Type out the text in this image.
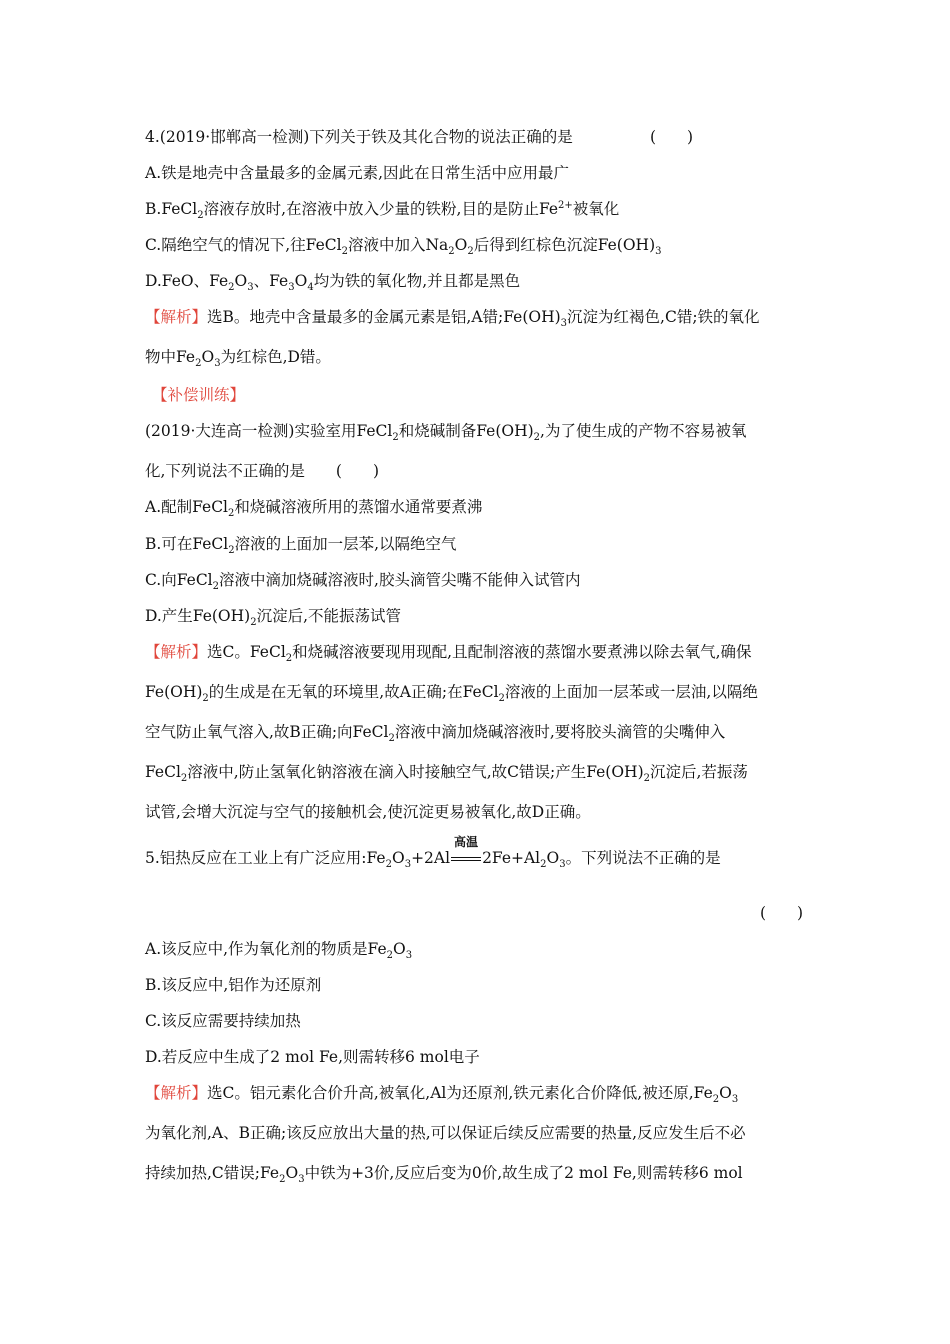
4.(2019·邯郸高一检测)下列关于铁及其化合物的说法正确的是	(　　)
A.铁是地壳中含量最多的金属元素,因此在日常生活中应用最广
B.FeCl$_2$溶液存放时,在溶液中放入少量的铁粉,目的是防止$Fe^{2+}$被氧化
C.隔绝空气的情况下,往FeCl$_2$溶液中加入$Na_2O_2$后得到红棕色沉淀$Fe(OH)_3$
D.FeO、$Fe_2O_3$、$Fe_3O_4$均为铁的氧化物,并且都是黑色
【解析】选B。地壳中含量最多的金属元素是铝,A错$;Fe(OH)_3$沉淀为红褐色,C错;铁的氧化
物中$Fe_2O_3$为红棕色,D错。
【补偿训练】
(2019·大连高一检测)实验室用FeCl$_2$和烧碱制备$Fe(OH)_2$,为了使生成的产物不容易被氧
化,下列说法不正确的是　　(　　)
A.配制FeCl$_2$和烧碱溶液所用的蒸馏水通常要煮沸
B.可在FeCl$_2$溶液的上面加一层苯,以隔绝空气
C.向FeCl$_2$溶液中滴加烧碱溶液时,胶头滴管尖嘴不能伸入试管内
D.产生$Fe(OH)_2$沉淀后,不能振荡试管
【解析】选C。FeCl$_2$和烧碱溶液要现用现配,且配制溶液的蒸馏水要煮沸以除去氧气,确保
$Fe(OH)_2$的生成是在无氧的环境里,故A正确;在FeCl$_2$溶液的上面加一层苯或一层油,以隔绝
空气防止氧气溶入,故B正确;向FeCl$_2$溶液中滴加烧碱溶液时,要将胶头滴管的尖嘴伸入
FeCl$_2$溶液中,防止氢氧化钠溶液在滴入时接触空气,故C错误;产生$Fe(OH)_2$沉淀后,若振荡
试管,会增大沉淀与空气的接触机会,使沉淀更易被氧化,故D正确。
5.铝热反应在工业上有广泛应用$:Fe_2O_3+2Al$
高温
$2Fe+Al_2O_3$。下列说法不正确的是
(　　)
A.该反应中,作为氧化剂的物质是$Fe_2O_3$
B.该反应中,铝作为还原剂
C.该反应需要持续加热
D.若反应中生成了2 mol Fe,则需转移6 mol电子
【解析】选C。铝元素化合价升高,被氧化,Al为还原剂,铁元素化合价降低,被还原$,Fe_2O_3$
为氧化剂,A、B正确;该反应放出大量的热,可以保证后续反应需要的热量,反应发生后不必
持续加热,C错误$;Fe_2O_3$中铁为+3价,反应后变为0价,故生成了2 mol Fe,则需转移6 mol
